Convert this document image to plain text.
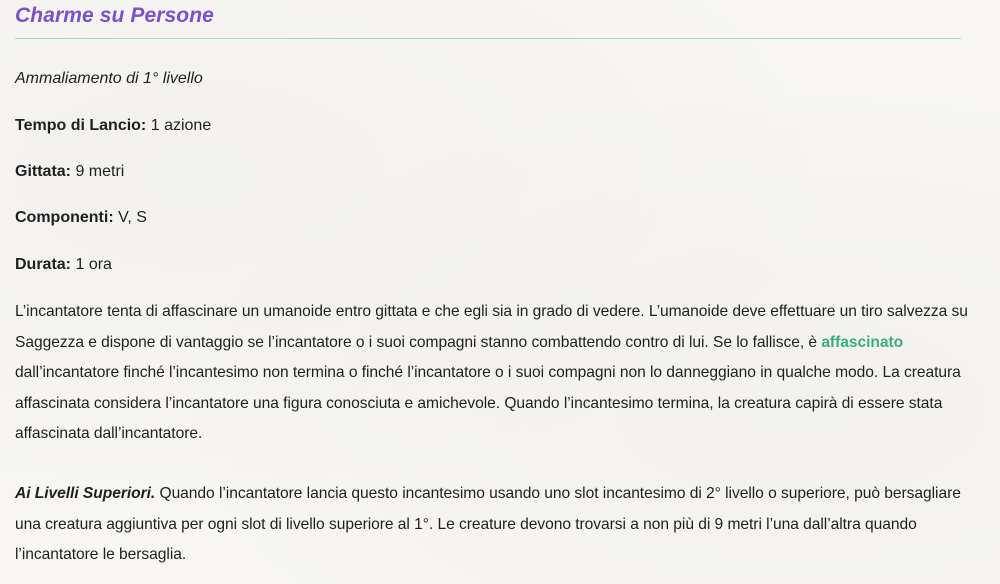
Charme su Persone

Ammaliamento di 1° livello

Tempo di Lancio: 1 azione

Gittata: 9 metri

Componenti: V, S

Durata: 1 ora

L’incantatore tenta di affascinare un umanoide entro gittata e che egli sia in grado di vedere. L’umanoide deve effettuare un tiro salvezza su Saggezza e dispone di vantaggio se l’incantatore o i suoi compagni stanno combattendo contro di lui. Se lo fallisce, è affascinato dall’incantatore finché l’incantesimo non termina o finché l’incantatore o i suoi compagni non lo danneggiano in qualche modo. La creatura affascinata considera l’incantatore una figura conosciuta e amichevole. Quando l’incantesimo termina, la creatura capirà di essere stata affascinata dall’incantatore.

Ai Livelli Superiori. Quando l’incantatore lancia questo incantesimo usando uno slot incantesimo di 2° livello o superiore, può bersagliare una creatura aggiuntiva per ogni slot di livello superiore al 1°. Le creature devono trovarsi a non più di 9 metri l’una dall’altra quando l’incantatore le bersaglia.
